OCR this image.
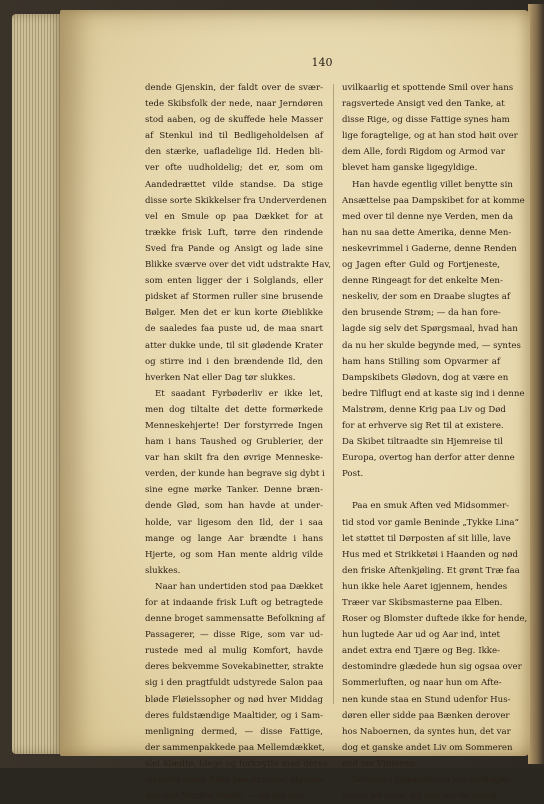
140

dende Gjenskin, der faldt over de svær-

tede Skibsfolk der nede, naar Jerndøren

stod aaben, og de skuffede hele Masser

af Stenkul ind til Bedligeholdelsen af

den stærke, uafladelige Ild. Heden bli-

ver ofte uudholdelig; det er, som om

Aandedrættet vilde standse. Da stige

disse sorte Skikkelser fra Underverdenen

vel en Smule op paa Dækket for at

trække frisk Luft, tørre den rindende

Sved fra Pande og Ansigt og lade sine

Blikke sværve over det vidt udstrakte Hav,

som enten ligger der i Solglands, eller

pidsket af Stormen ruller sine brusende

Bølger. Men det er kun korte Øieblikke

de saaledes faa puste ud, de maa snart

atter dukke unde, til sit glødende Krater

og stirre ind i den brændende Ild, den

hverken Nat eller Dag tør slukkes.

Et saadant Fyrbøderliv er ikke let,

men dog tiltalte det dette formørkede

Menneskehjerte! Der forstyrrede Ingen

ham i hans Taushed og Grublerier, der

var han skilt fra den øvrige Menneske-

verden, der kunde han begrave sig dybt i

sine egne mørke Tanker. Denne bræn-

dende Glød, som han havde at under-

holde, var ligesom den Ild, der i saa

mange og lange Aar brændte i hans

Hjerte, og som Han mente aldrig vilde

slukkes.

Naar han undertiden stod paa Dækket

for at indaande frisk Luft og betragtede

denne broget sammensatte Befolkning af

Passagerer, — disse Rige, som var ud-

rustede med al mulig Komfort, havde

deres bekvemme Sovekabinetter, strakte

sig i den pragtfuldt udstyrede Salon paa

bløde Fløielssopher og nød hver Middag

deres fuldstændige Maaltider, og i Sam-

menligning dermed, — disse Fattige,

der sammenpakkede paa Mellemdækket,

slet klædte, blege og forknytte med deres

stakkels smaa Børn paa Armene, styrede

den nye Verden imøde, — da gik der

uvilkaarlig et spottende Smil over hans

ragsvertede Ansigt ved den Tanke, at

disse Rige, og disse Fattige synes ham

lige foragtelige, og at han stod høit over

dem Alle, fordi Rigdom og Armod var

blevet ham ganske ligegyldige.

Han havde egentlig villet benytte sin

Ansættelse paa Dampskibet for at komme

med over til denne nye Verden, men da

han nu saa dette Amerika, denne Men-

neskevrimmel i Gaderne, denne Renden

og Jagen efter Guld og Fortjeneste,

denne Ringeagt for det enkelte Men-

neskeliv, der som en Draabe slugtes af

den brusende Strøm; — da han fore-

lagde sig selv det Spørgsmaal, hvad han

da nu her skulde begynde med, — syntes

ham hans Stilling som Opvarmer af

Dampskibets Glødovn, dog at være en

bedre Tilflugt end at kaste sig ind i denne

Malstrøm, denne Krig paa Liv og Død

for at erhverve sig Ret til at existere.

Da Skibet tiltraadte sin Hjemreise til

Europa, overtog han derfor atter denne

Post.

Paa en smuk Aften ved Midsommer-

tid stod vor gamle Beninde „Tykke Lina“

let støttet til Dørposten af sit lille, lave

Hus med et Strikketøi i Haanden og nød

den friske Aftenkjøling. Et grønt Træ faa

hun ikke hele Aaret igjennem, hendes

Træer var Skibsmasterne paa Elben.

Roser og Blomster duftede ikke for hende,

hun lugtede Aar ud og Aar ind, intet

andet extra end Tjære og Beg. Ikke-

destomindre glædede hun sig ogsaa over

Sommerluften, og naar hun om Afte-

nen kunde staa en Stund udenfor Hus-

døren eller sidde paa Bænken derover

hos Naboernen, da syntes hun, det var

dog et ganske andet Liv om Sommeren

end om Vinteren.

Derinde i Gjæstestuen var undtagel-

sesvis alt tomt, og hun havde netop
